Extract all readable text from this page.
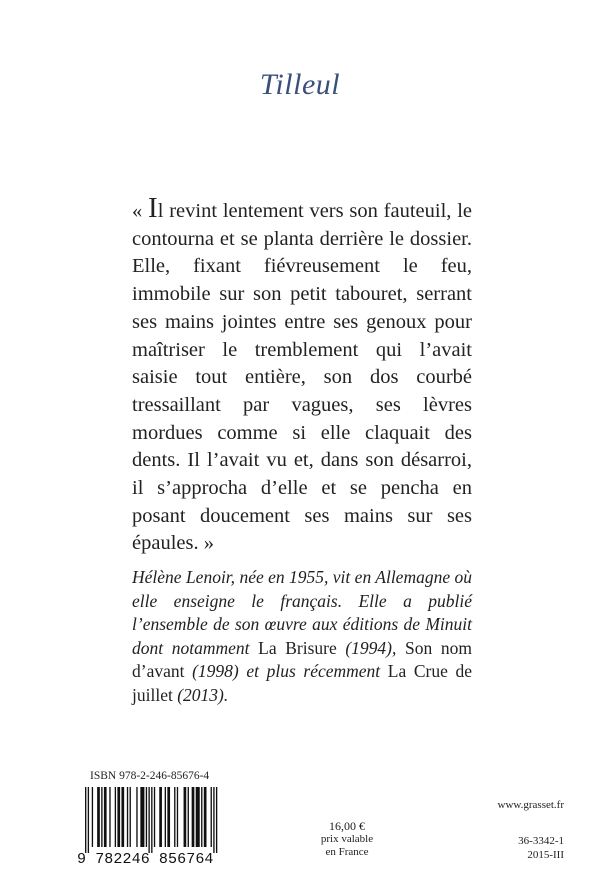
Tilleul
« Il revint lentement vers son fauteuil, le contourna et se planta derrière le dossier. Elle, fixant fiévreusement le feu, immobile sur son petit tabouret, serrant ses mains jointes entre ses genoux pour maîtriser le tremblement qui l’avait saisie tout entière, son dos courbé tressaillant par vagues, ses lèvres mordues comme si elle claquait des dents. Il l’avait vu et, dans son désarroi, il s’approcha d’elle et se pencha en posant doucement ses mains sur ses épaules. »
Hélène Lenoir, née en 1955, vit en Allemagne où elle enseigne le français. Elle a publié l’ensemble de son œuvre aux éditions de Minuit dont notamment La Brisure (1994), Son nom d’avant (1998) et plus récemment La Crue de juillet (2013).
ISBN 978-2-246-85676-4
9 782246 856764
16,00 €
prix valable
en France
www.grasset.fr
36-3342-1
2015-III
